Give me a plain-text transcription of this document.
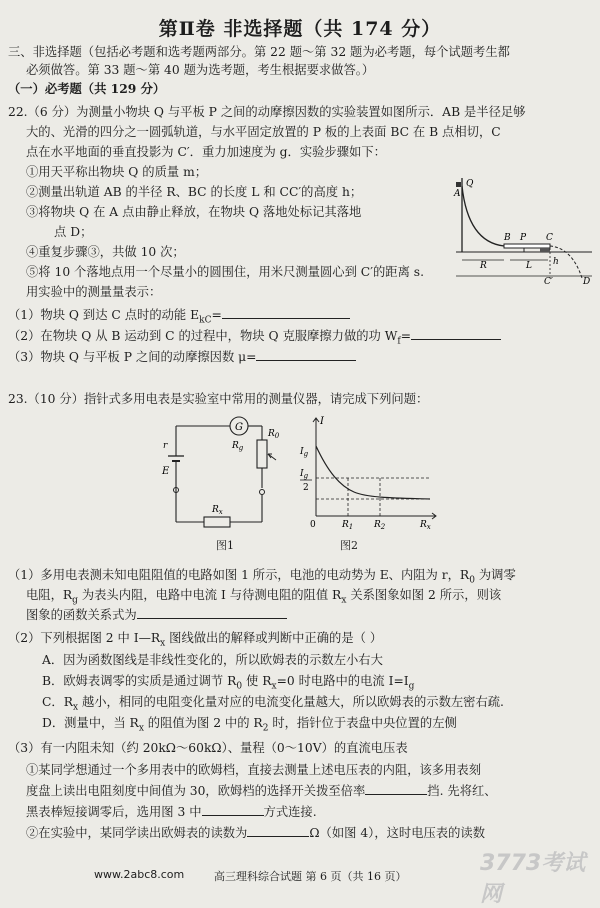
第Ⅱ卷 非选择题（共 174 分）
三、非选择题（包括必考题和选考题两部分。第 22 题～第 32 题为必考题，每个试题考生都
必须做答。第 33 题～第 40 题为选考题，考生根据要求做答。）
（一）必考题（共 129 分）
22.（6 分）为测量小物块 Q 与平板 P 之间的动摩擦因数的实验装置如图所示．AB 是半径足够
大的、光滑的四分之一圆弧轨道，与水平固定放置的 P 板的上表面 BC 在 B 点相切，C
点在水平地面的垂直投影为 C′．重力加速度为 g．实验步骤如下：
①用天平称出物块 Q 的质量 m；
②测量出轨道 AB 的半径 R、BC 的长度 L 和 CC′的高度 h；
③将物块 Q 在 A 点由静止释放，在物块 Q 落地处标记其落地
点 D；
④重复步骤③，共做 10 次；
⑤将 10 个落地点用一个尽量小的圆围住，用米尺测量圆心到 C′的距离 s.
用实验中的测量量表示：
（1）物块 Q 到达 C 点时的动能 $E_{kC}=$
（2）在物块 Q 从 B 运动到 C 的过程中，物块 Q 克服摩擦力做的功 $W_f=$
（3）物块 Q 与平板 P 之间的动摩擦因数 μ=
Q
A
B P C
R	L h
C′	D
23.（10 分）指针式多用电表是实验室中常用的测量仪器，请完成下列问题：
G
$R_g$
r
E
$R_0$
$R_x$
图1
I
$I_g$
$I_g$
2
0	$R_1$ $R_2$	$R_x$
图2
（1）多用电表测未知电阻阻值的电路如图 1 所示，电池的电动势为 E、内阻为 r，$R_0$ 为调零
电阻，$R_g$ 为表头内阻，电路中电流 I 与待测电阻的阻值 $R_x$ 关系图象如图 2 所示，则该
图象的函数关系式为
（2）下列根据图 2 中 $I—R_x$ 图线做出的解释或判断中正确的是（ ）
A．因为函数图线是非线性变化的，所以欧姆表的示数左小右大
B．欧姆表调零的实质是通过调节 $R_0$ 使 $R_x=0$ 时电路中的电流 $I=I_g$
C．$R_x$ 越小，相同的电阻变化量对应的电流变化量越大，所以欧姆表的示数左密右疏.
D．测量中，当 $R_x$ 的阻值为图 2 中的 $R_2$ 时，指针位于表盘中央位置的左侧
（3）有一内阻未知（约 20kΩ～60kΩ）、量程（0～10V）的直流电压表
①某同学想通过一个多用表中的欧姆档，直接去测量上述电压表的内阻，该多用表刻
度盘上读出电阻刻度中间值为 30，欧姆档的选择开关拨至倍率	挡. 先将红、
黑表棒短接调零后，选用图 3 中	方式连接.
②在实验中，某同学读出欧姆表的读数为	Ω（如图 4），这时电压表的读数
www.2abc8.com	高三理科综合试题 第 6 页（共 16 页）
3773考试网
